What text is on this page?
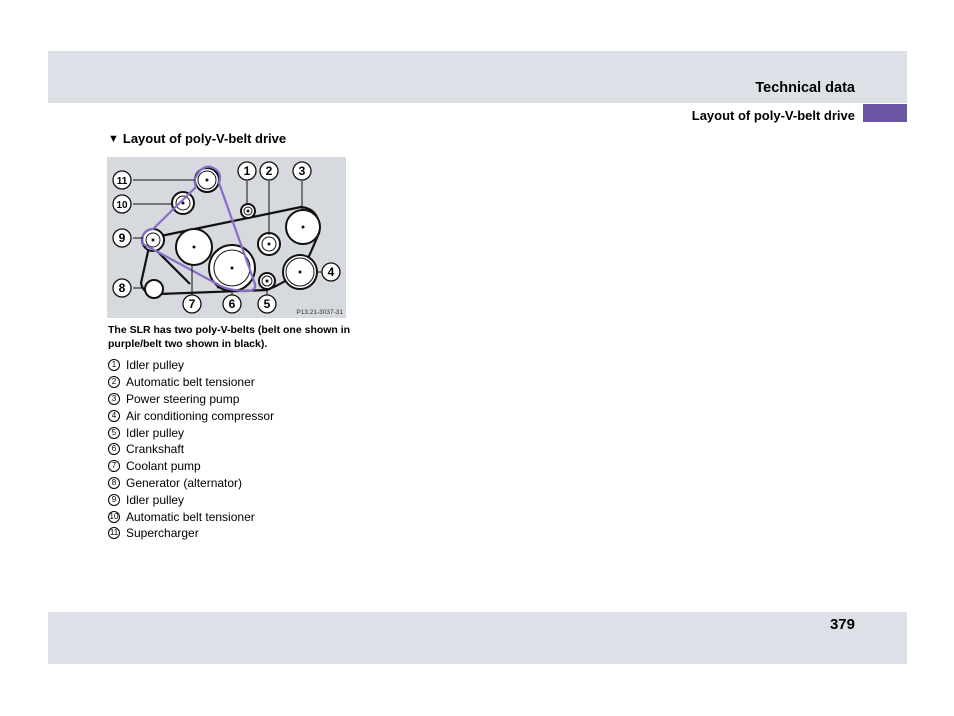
Technical data
Layout of poly-V-belt drive
▼ Layout of poly-V-belt drive
1 2 3
4
5
6
7
8
9
10
11
P13.21-3037-31
The SLR has two poly-V-belts (belt one shown in purple/belt two shown in black).
1 Idler pulley
2 Automatic belt tensioner
3 Power steering pump
4 Air conditioning compressor
5 Idler pulley
6 Crankshaft
7 Coolant pump
8 Generator (alternator)
9 Idler pulley
10 Automatic belt tensioner
11 Supercharger
379
